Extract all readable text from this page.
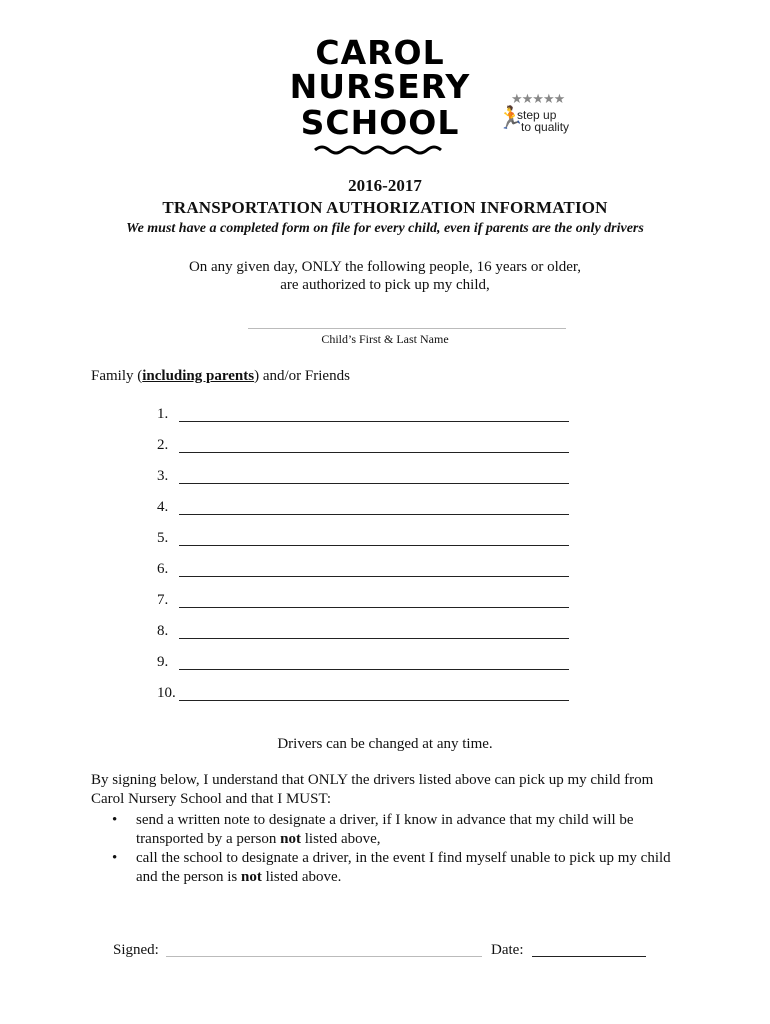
CAROL
NURSERY
SCHOOL
★★★★★
🏃
step up
to quality
2016-2017
TRANSPORTATION AUTHORIZATION INFORMATION
We must have a completed form on file for every child, even if parents are the only drivers
On any given day, ONLY the following people, 16 years or older,
are authorized to pick up my child,
Child’s First & Last Name
Family (including parents) and/or Friends
1.
2.
3.
4.
5.
6.
7.
8.
9.
10.
Drivers can be changed at any time.
By signing below, I understand that ONLY the drivers listed above can pick up my child from
Carol Nursery School and that I MUST:
• send a written note to designate a driver, if I know in advance that my child will be
transported by a person not listed above,
• call the school to designate a driver, in the event I find myself unable to pick up my child
and the person is not listed above.
Signed:	Date:
